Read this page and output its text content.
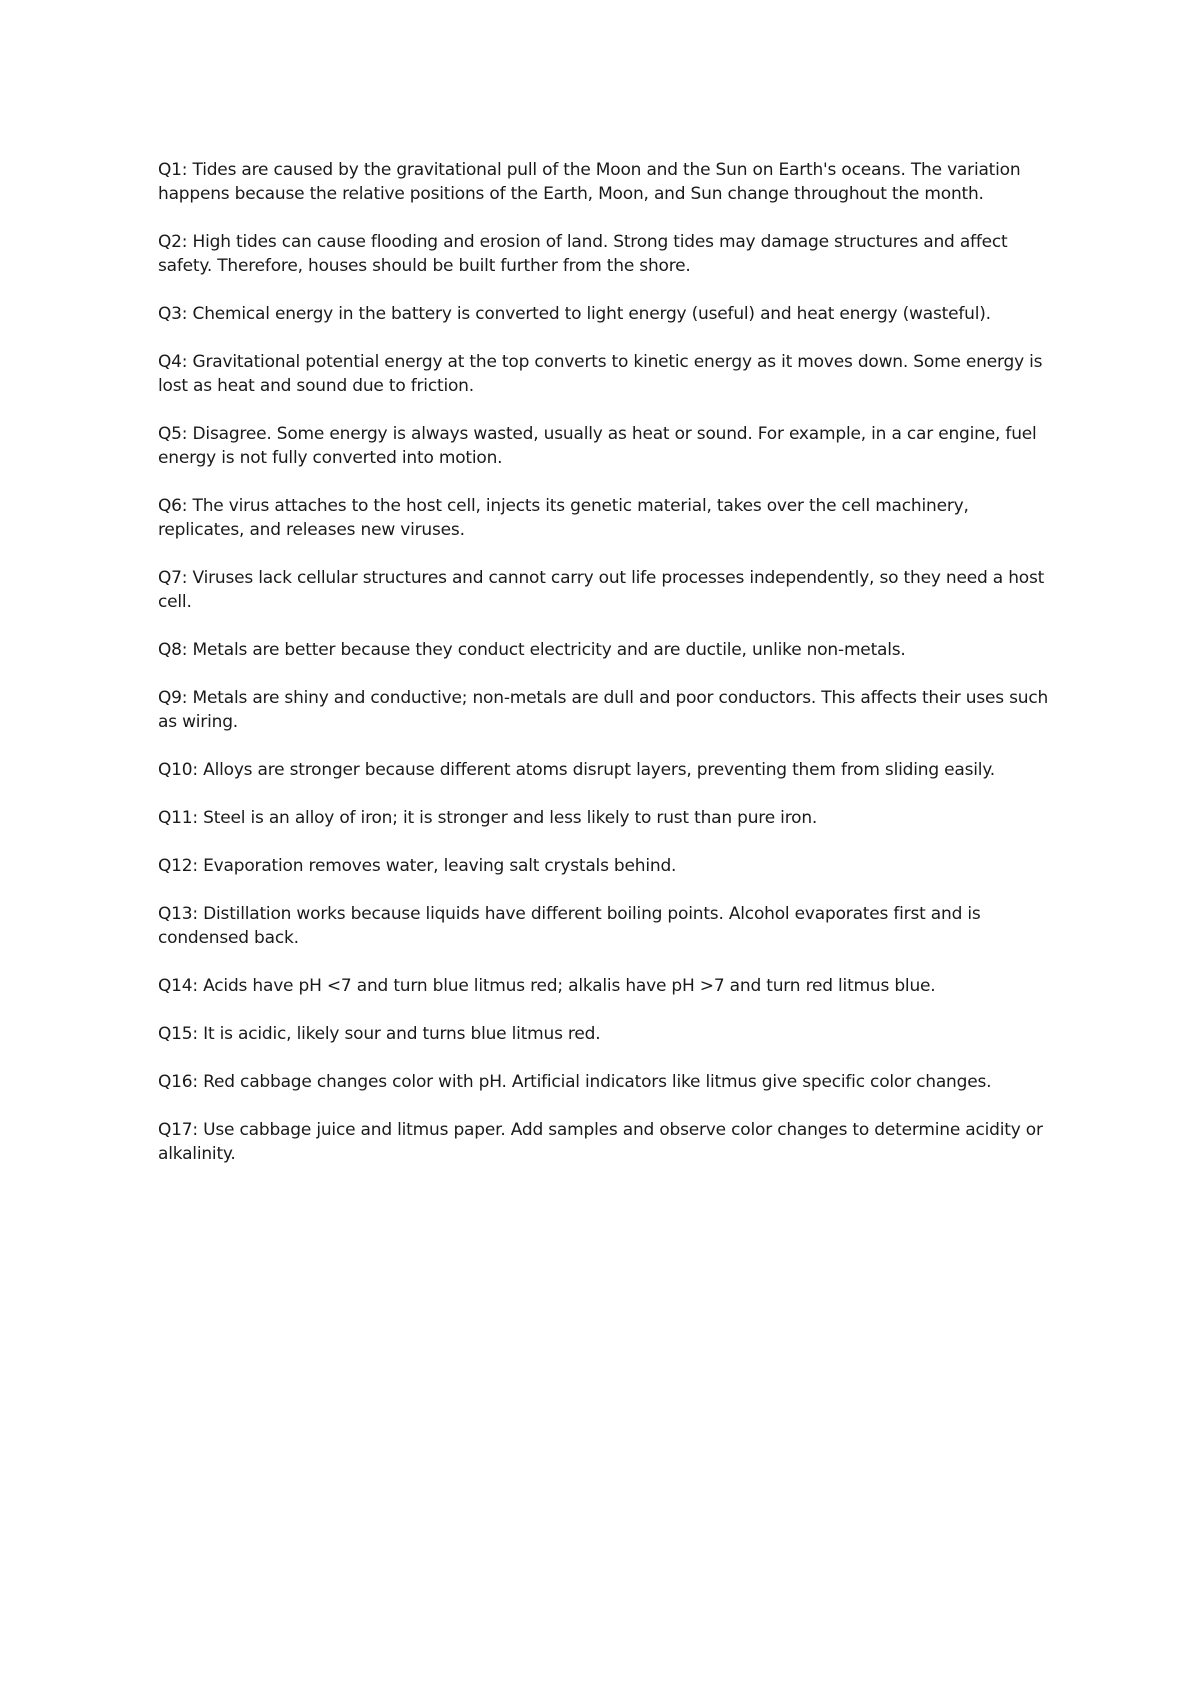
Q1: Tides are caused by the gravitational pull of the Moon and the Sun on Earth's oceans. The variation happens because the relative positions of the Earth, Moon, and Sun change throughout the month.
Q2: High tides can cause flooding and erosion of land. Strong tides may damage structures and affect safety. Therefore, houses should be built further from the shore.
Q3: Chemical energy in the battery is converted to light energy (useful) and heat energy (wasteful).
Q4: Gravitational potential energy at the top converts to kinetic energy as it moves down. Some energy is lost as heat and sound due to friction.
Q5: Disagree. Some energy is always wasted, usually as heat or sound. For example, in a car engine, fuel energy is not fully converted into motion.
Q6: The virus attaches to the host cell, injects its genetic material, takes over the cell machinery, replicates, and releases new viruses.
Q7: Viruses lack cellular structures and cannot carry out life processes independently, so they need a host cell.
Q8: Metals are better because they conduct electricity and are ductile, unlike non-metals.
Q9: Metals are shiny and conductive; non-metals are dull and poor conductors. This affects their uses such as wiring.
Q10: Alloys are stronger because different atoms disrupt layers, preventing them from sliding easily.
Q11: Steel is an alloy of iron; it is stronger and less likely to rust than pure iron.
Q12: Evaporation removes water, leaving salt crystals behind.
Q13: Distillation works because liquids have different boiling points. Alcohol evaporates first and is condensed back.
Q14: Acids have pH <7 and turn blue litmus red; alkalis have pH >7 and turn red litmus blue.
Q15: It is acidic, likely sour and turns blue litmus red.
Q16: Red cabbage changes color with pH. Artificial indicators like litmus give specific color changes.
Q17: Use cabbage juice and litmus paper. Add samples and observe color changes to determine acidity or alkalinity.
